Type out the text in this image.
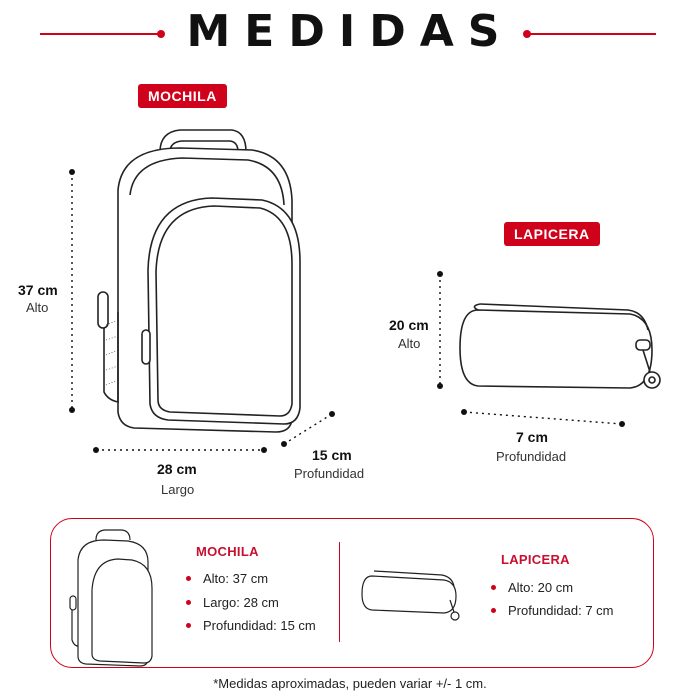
MEDIDAS
MOCHILA
LAPICERA
37 cm
Alto
28 cm
Largo
15 cm
Profundidad
20 cm
Alto
7 cm
Profundidad
MOCHILA
Alto: 37 cm
Largo: 28 cm
Profundidad: 15 cm
LAPICERA
Alto: 20 cm
Profundidad: 7 cm
*Medidas aproximadas, pueden variar +/- 1 cm.
